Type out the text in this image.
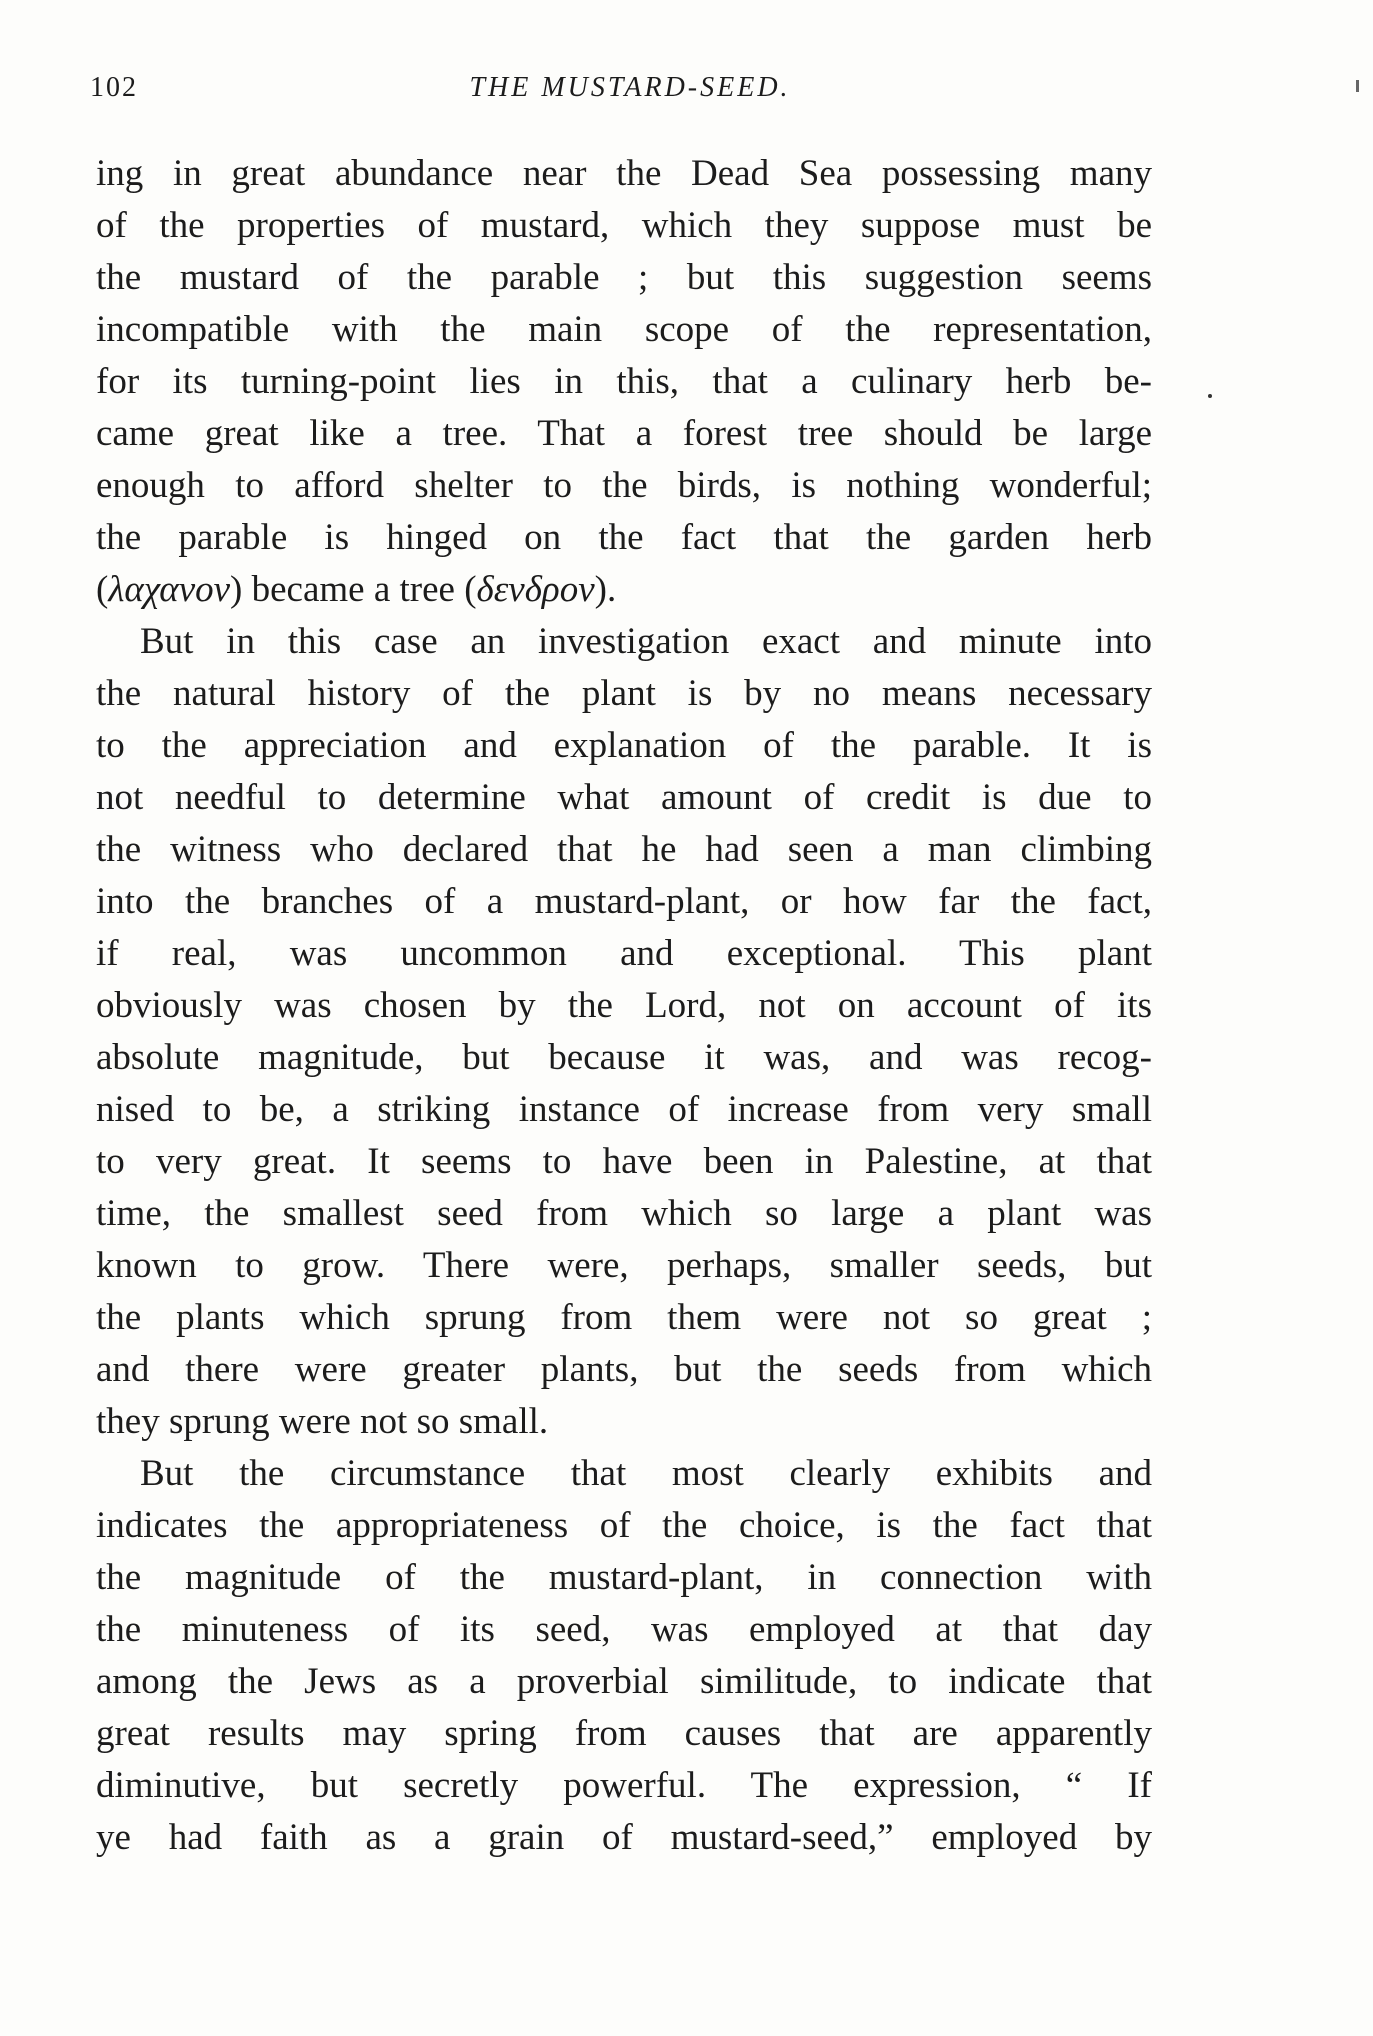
102	THE MUSTARD-SEED.
ing in great abundance near the Dead Sea possessing many
of the properties of mustard, which they suppose must be
the mustard of the parable ; but this suggestion seems
incompatible with the main scope of the representation,
for its turning-point lies in this, that a culinary herb be-
came great like a tree. That a forest tree should be large
enough to afford shelter to the birds, is nothing wonderful;
the parable is hinged on the fact that the garden herb
(λαχανον) became a tree (δενδρον).
But in this case an investigation exact and minute into
the natural history of the plant is by no means necessary
to the appreciation and explanation of the parable. It is
not needful to determine what amount of credit is due to
the witness who declared that he had seen a man climbing
into the branches of a mustard-plant, or how far the fact,
if real, was uncommon and exceptional. This plant
obviously was chosen by the Lord, not on account of its
absolute magnitude, but because it was, and was recog-
nised to be, a striking instance of increase from very small
to very great. It seems to have been in Palestine, at that
time, the smallest seed from which so large a plant was
known to grow. There were, perhaps, smaller seeds, but
the plants which sprung from them were not so great ;
and there were greater plants, but the seeds from which
they sprung were not so small.
But the circumstance that most clearly exhibits and
indicates the appropriateness of the choice, is the fact that
the magnitude of the mustard-plant, in connection with
the minuteness of its seed, was employed at that day
among the Jews as a proverbial similitude, to indicate that
great results may spring from causes that are apparently
diminutive, but secretly powerful. The expression, “ If
ye had faith as a grain of mustard-seed,” employed by
